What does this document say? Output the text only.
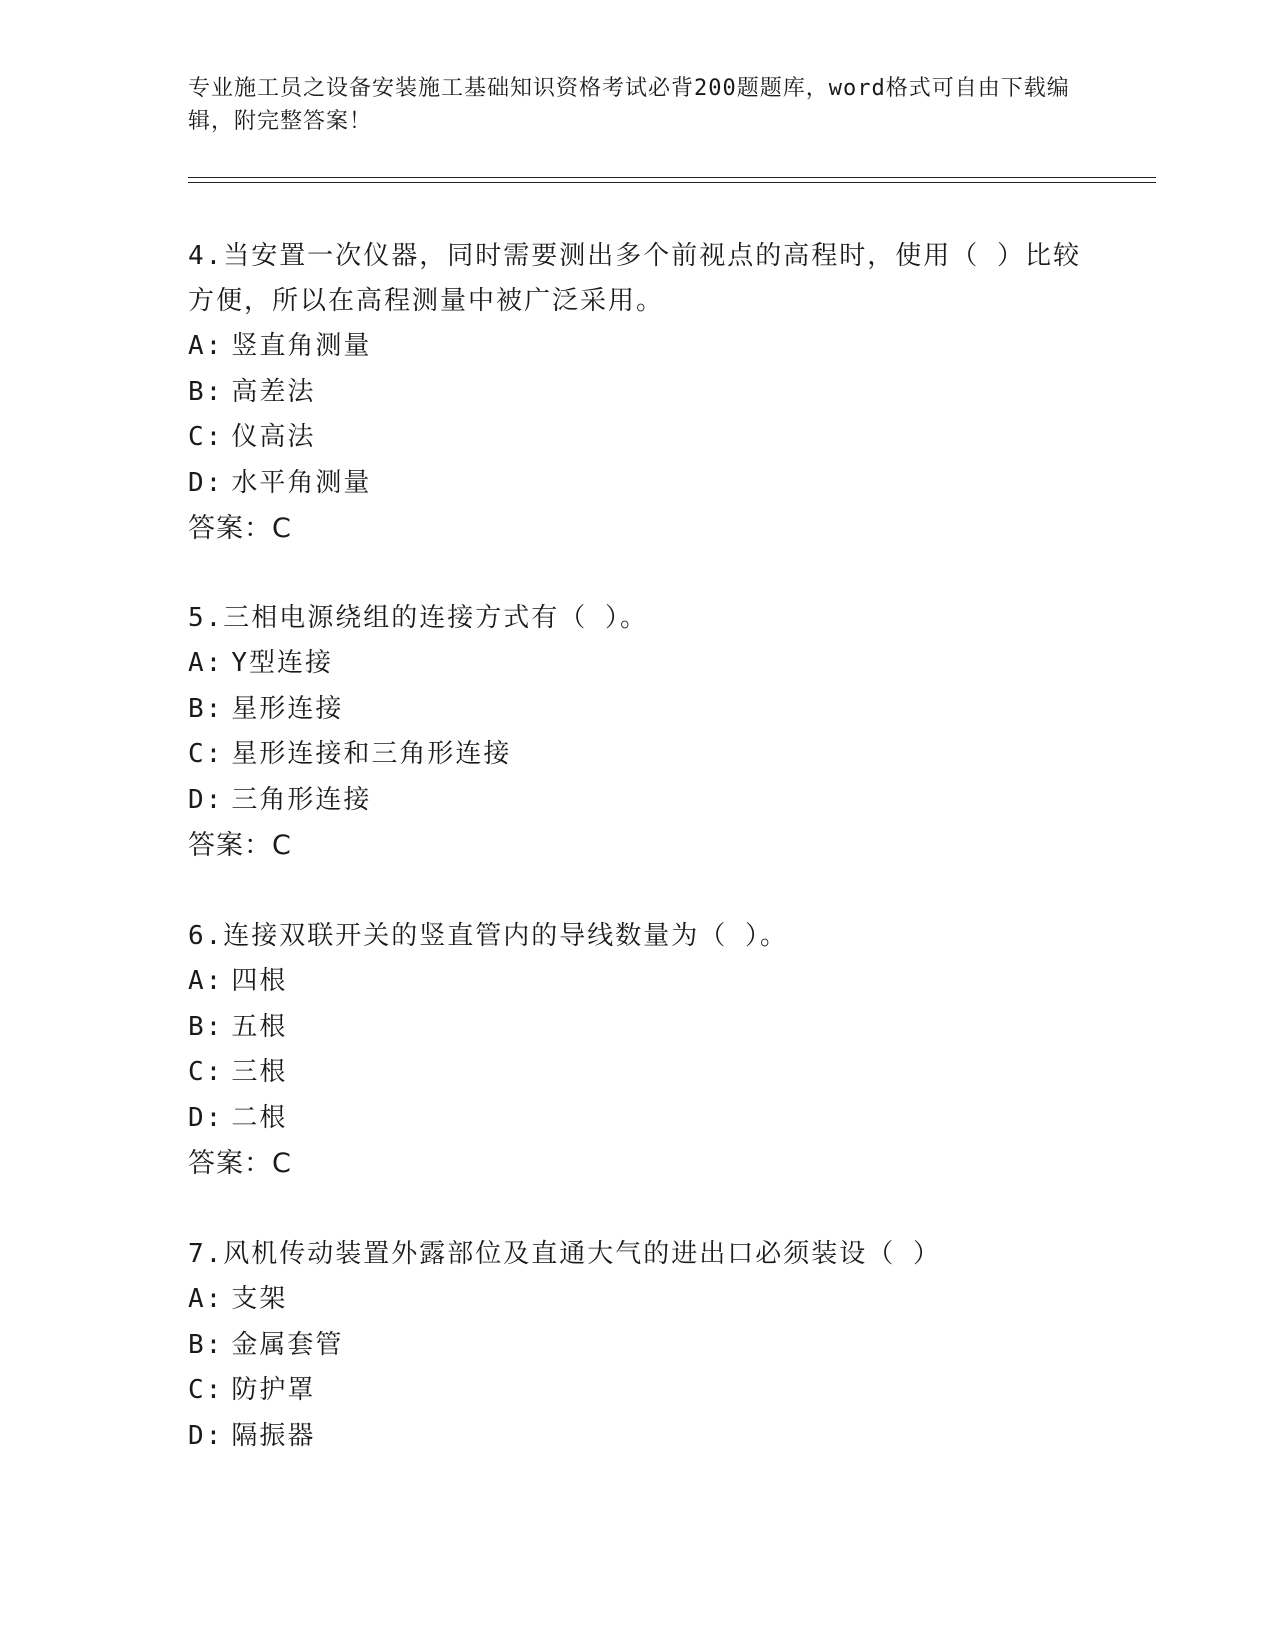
专业施工员之设备安装施工基础知识资格考试必背200题题库，word格式可自由下载编辑，附完整答案！

4.当安置一次仪器，同时需要测出多个前视点的高程时，使用（ ）比较方便，所以在高程测量中被广泛采用。

A: 竖直角测量

B: 高差法

C: 仪高法

D: 水平角测量

答案：C

5.三相电源绕组的连接方式有（ ）。

A: Y型连接

B: 星形连接

C: 星形连接和三角形连接

D: 三角形连接

答案：C

6.连接双联开关的竖直管内的导线数量为（ ）。

A: 四根

B: 五根

C: 三根

D: 二根

答案：C

7.风机传动装置外露部位及直通大气的进出口必须装设（ ）

A: 支架

B: 金属套管

C: 防护罩

D: 隔振器
